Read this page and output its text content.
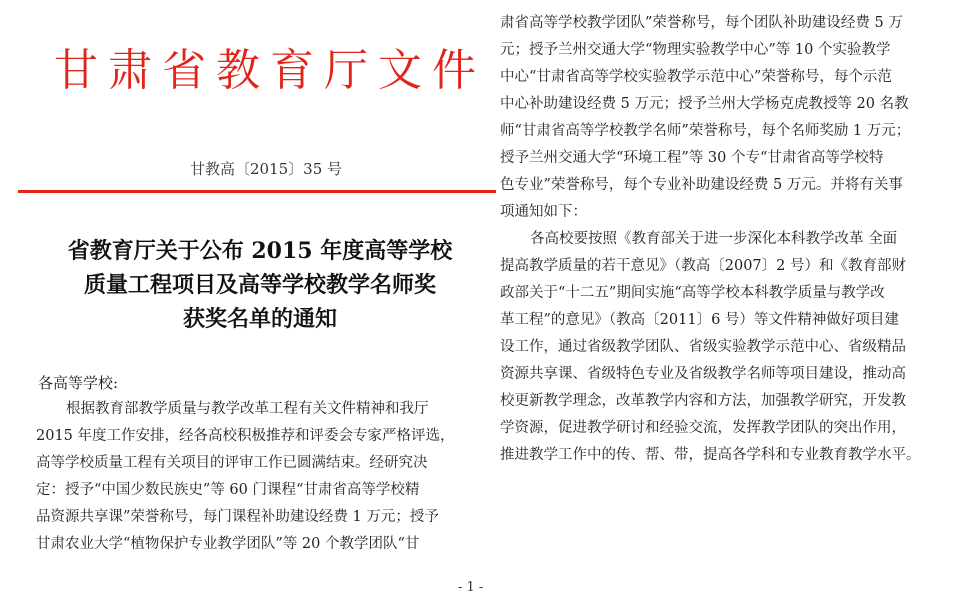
甘肃省教育厅文件
甘教高〔2015〕35 号
省教育厅关于公布 2015 年度高等学校
质量工程项目及高等学校教学名师奖
获奖名单的通知
各高等学校:
根据教育部教学质量与教学改革工程有关文件精神和我厅
2015 年度工作安排，经各高校积极推荐和评委会专家严格评选，
高等学校质量工程有关项目的评审工作已圆满结束。经研究决
定：授予“中国少数民族史”等 60 门课程“甘肃省高等学校精
品资源共享课”荣誉称号，每门课程补助建设经费 1 万元；授予
甘肃农业大学“植物保护专业教学团队”等 20 个教学团队“甘
- 1 -
肃省高等学校教学团队”荣誉称号，每个团队补助建设经费 5 万
元；授予兰州交通大学“物理实验教学中心”等 10 个实验教学
中心“甘肃省高等学校实验教学示范中心”荣誉称号，每个示范
中心补助建设经费 5 万元；授予兰州大学杨克虎教授等 20 名教
师“甘肃省高等学校教学名师”荣誉称号，每个名师奖励 1 万元；
授予兰州交通大学“环境工程”等 30 个专“甘肃省高等学校特
色专业”荣誉称号，每个专业补助建设经费 5 万元。并将有关事
项通知如下：
各高校要按照《教育部关于进一步深化本科教学改革 全面
提高教学质量的若干意见》（教高〔2007〕2 号）和《教育部财
政部关于“十二五”期间实施“高等学校本科教学质量与教学改
革工程”的意见》（教高〔2011〕6 号）等文件精神做好项目建
设工作，通过省级教学团队、省级实验教学示范中心、省级精品
资源共享课、省级特色专业及省级教学名师等项目建设，推动高
校更新教学理念，改革教学内容和方法，加强教学研究，开发教
学资源，促进教学研讨和经验交流，发挥教学团队的突出作用，
推进教学工作中的传、帮、带，提高各学科和专业教育教学水平。
